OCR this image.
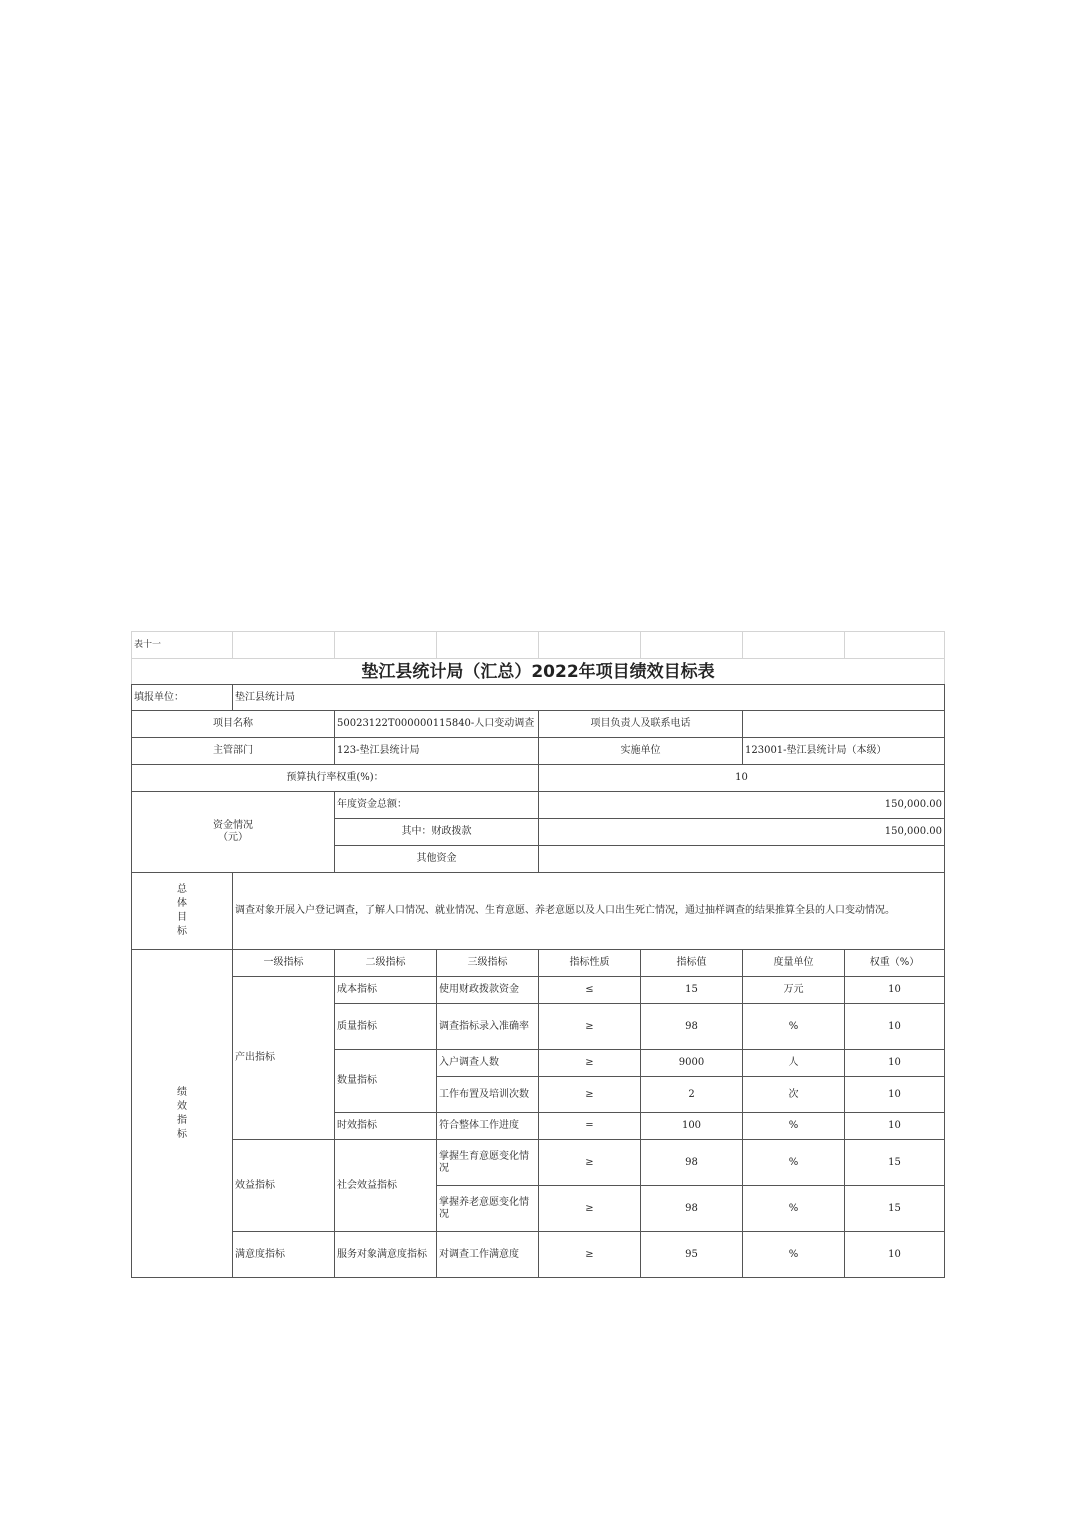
表十一							
垫江县统计局（汇总）2022年项目绩效目标表							
填报单位：	垫江县统计局						
项目名称		50023122T000000115840-人口变动调查		项目负责人及联系电话			
主管部门		123-垫江县统计局		实施单位		123001-垫江县统计局（本级）	
预算执行率权重(%)：				10			
资金情况
（元）		年度资金总额：		150,000.00			
		其中：财政拨款		150,000.00			
		其他资金					
总
体
目
标	调查对象开展入户登记调查，了解人口情况、就业情况、生育意愿、养老意愿以及人口出生死亡情况，通过抽样调查的结果推算全县的人口变动情况。						
绩
效
指
标	一级指标	二级指标	三级指标	指标性质	指标值	度量单位	权重（%）
	产出指标	成本指标	使用财政拨款资金	≤	15	万元	10
		质量指标	调查指标录入准确率	≥	98	%	10
		数量指标	入户调查人数	≥	9000	人	10
			工作布置及培训次数	≥	2	次	10
		时效指标	符合整体工作进度	=	100	%	10
	效益指标	社会效益指标	掌握生育意愿变化情况	≥	98	%	15
			掌握养老意愿变化情况	≥	98	%	15
	满意度指标	服务对象满意度指标	对调查工作满意度	≥	95	%	10
